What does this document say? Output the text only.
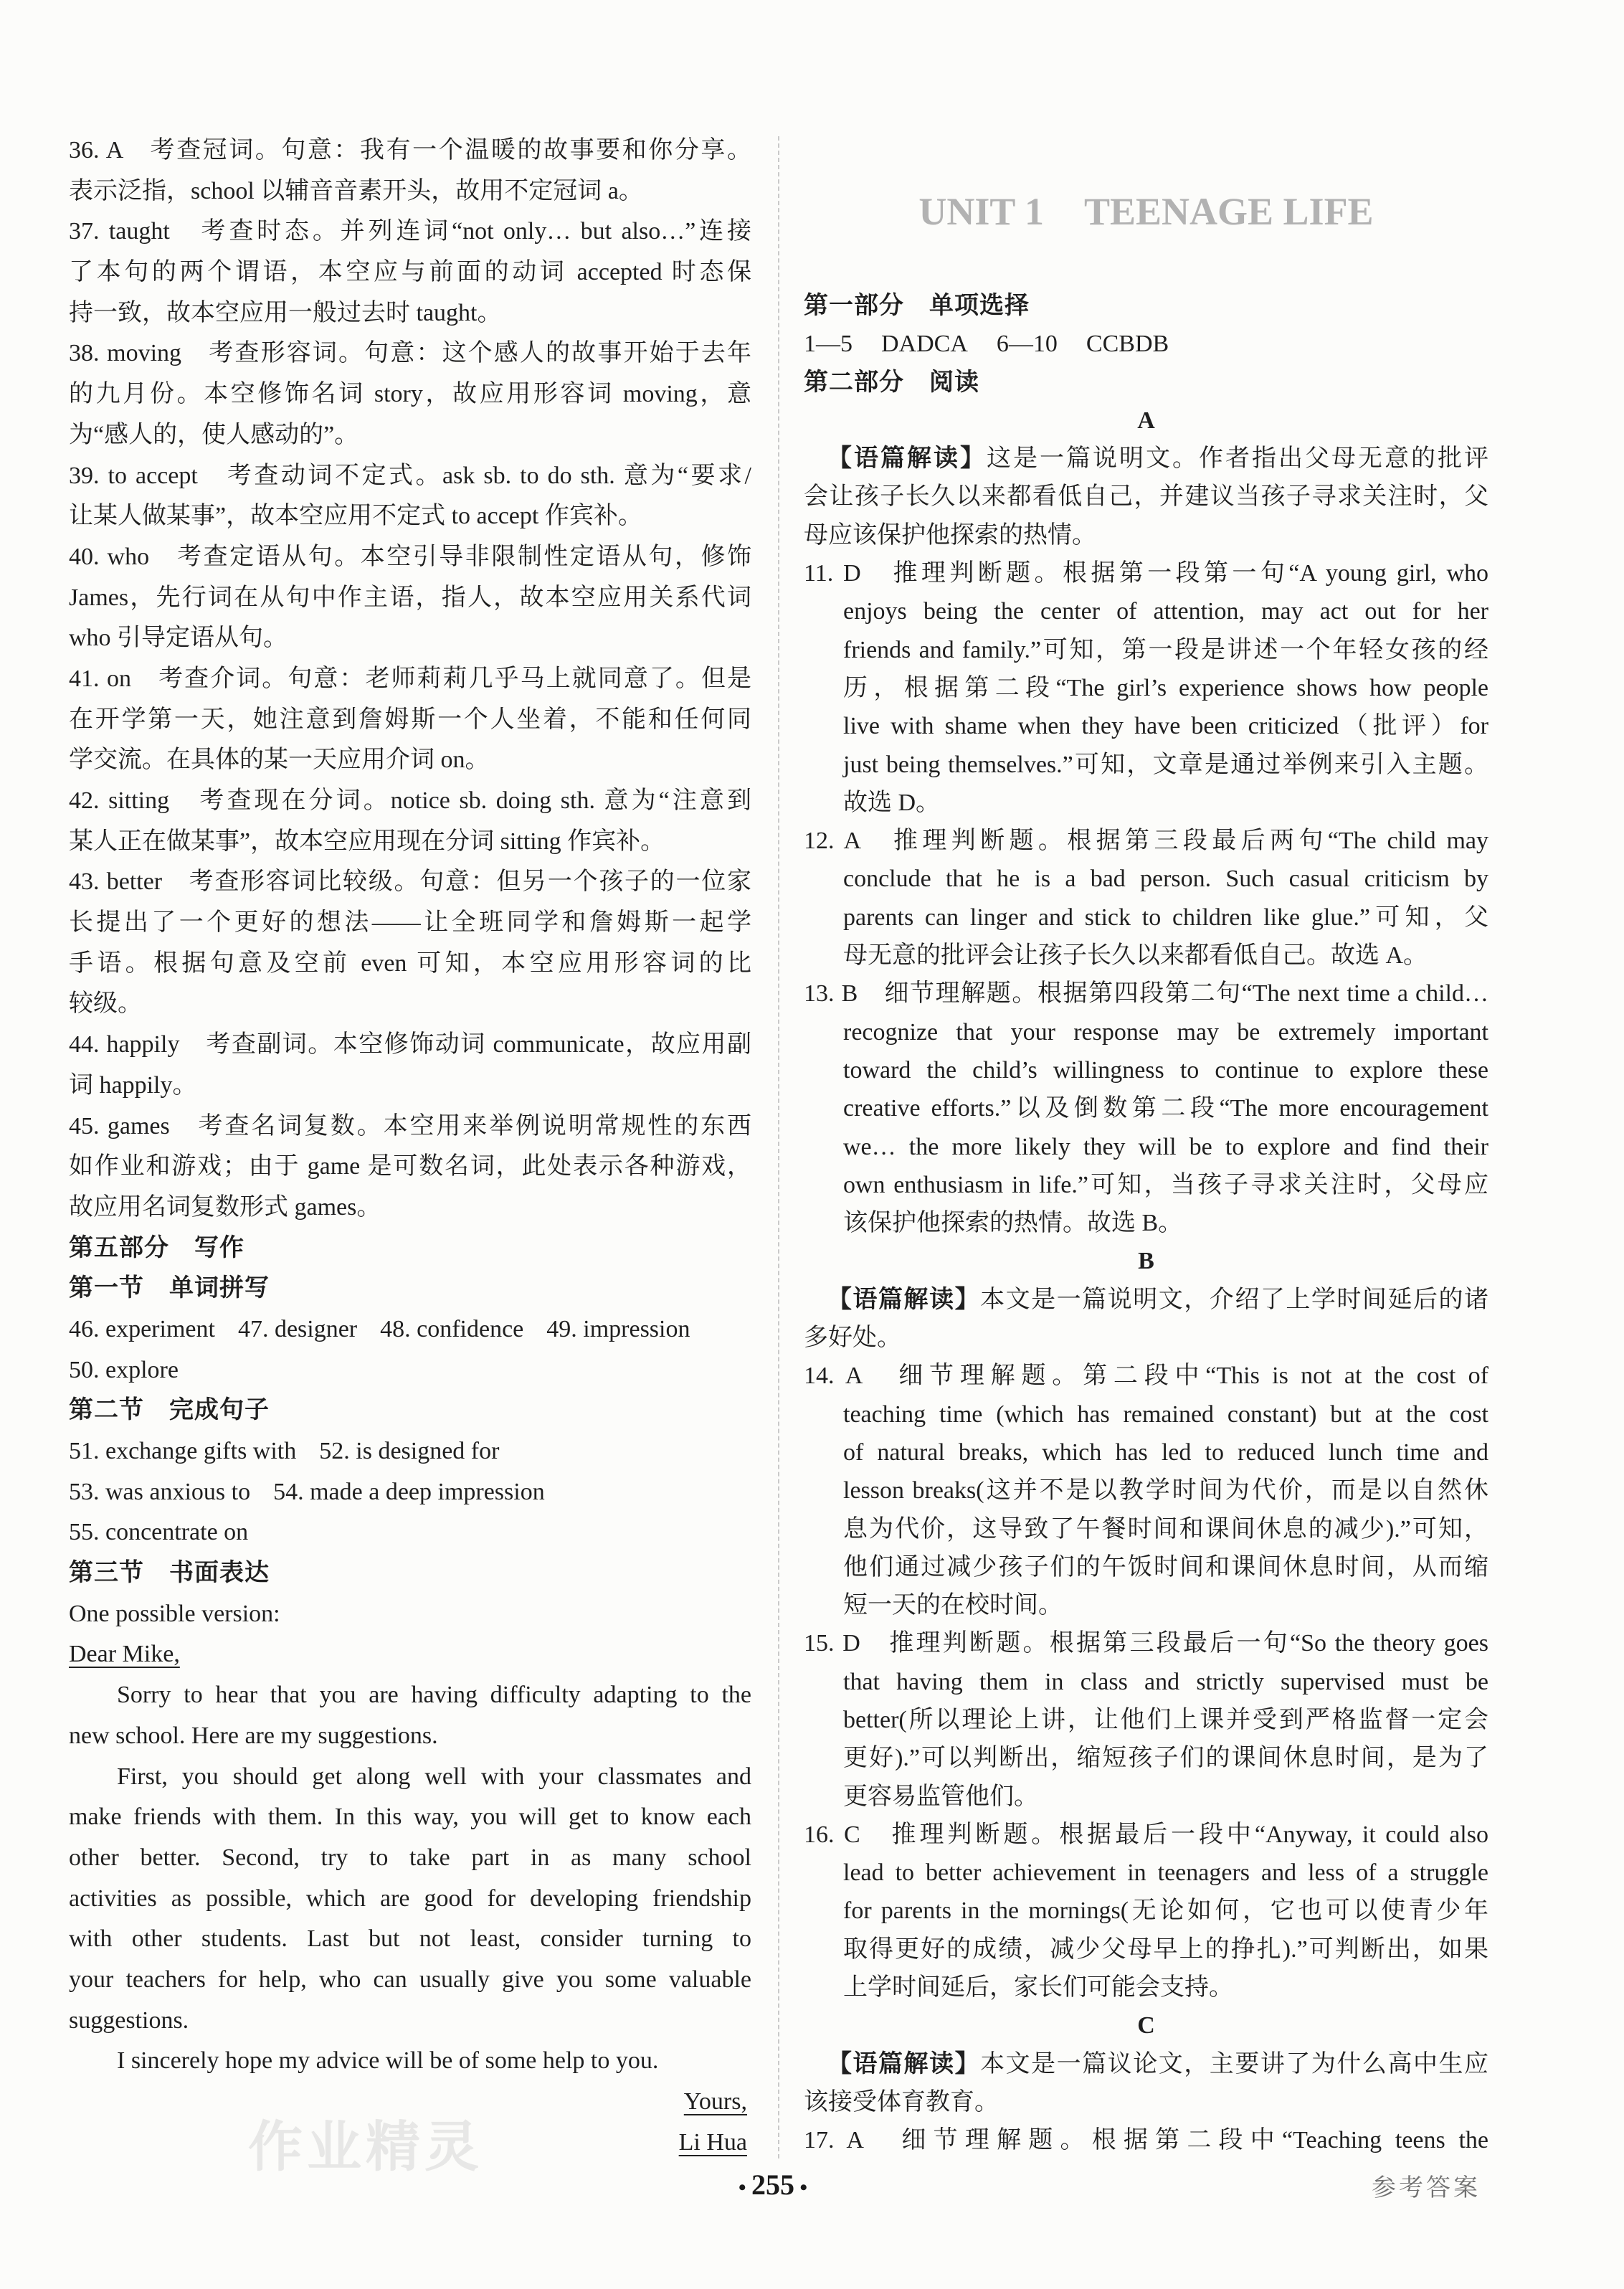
作业精灵
36. A　考查冠词。句意：我有一个温暖的故事要和你分享。
表示泛指，school 以辅音音素开头，故用不定冠词 a。
37. taught　考查时态。并列连词“not only… but also…”连接
了本句的两个谓语，本空应与前面的动词 accepted 时态保
持一致，故本空应用一般过去时 taught。
38. moving　考查形容词。句意：这个感人的故事开始于去年
的九月份。本空修饰名词 story，故应用形容词 moving，意
为“感人的，使人感动的”。
39. to accept　考查动词不定式。ask sb. to do sth. 意为“要求/
让某人做某事”，故本空应用不定式 to accept 作宾补。
40. who　考查定语从句。本空引导非限制性定语从句，修饰
James，先行词在从句中作主语，指人，故本空应用关系代词
who 引导定语从句。
41. on　考查介词。句意：老师莉莉几乎马上就同意了。但是
在开学第一天，她注意到詹姆斯一个人坐着，不能和任何同
学交流。在具体的某一天应用介词 on。
42. sitting　考查现在分词。notice sb. doing sth. 意为“注意到
某人正在做某事”，故本空应用现在分词 sitting 作宾补。
43. better　考查形容词比较级。句意：但另一个孩子的一位家
长提出了一个更好的想法——让全班同学和詹姆斯一起学
手语。根据句意及空前 even 可知，本空应用形容词的比
较级。
44. happily　考查副词。本空修饰动词 communicate，故应用副
词 happily。
45. games　考查名词复数。本空用来举例说明常规性的东西
如作业和游戏；由于 game 是可数名词，此处表示各种游戏，
故应用名词复数形式 games。
第五部分　写作
第一节　单词拼写
46. experiment 47. designer 48. confidence 49. impression
50. explore
第二节　完成句子
51. exchange gifts with 52. is designed for
53. was anxious to 54. made a deep impression
55. concentrate on
第三节　书面表达
One possible version:
Dear Mike,
Sorry to hear that you are having difficulty adapting to the
new school. Here are my suggestions.
First, you should get along well with your classmates and
make friends with them. In this way, you will get to know each
other better. Second, try to take part in as many school
activities as possible, which are good for developing friendship
with other students. Last but not least, consider turning to
your teachers for help, who can usually give you some valuable
suggestions.
I sincerely hope my advice will be of some help to you.
Yours,
Li Hua
UNIT 1 TEENAGE LIFE
第一部分　单项选择
1—5 DADCA 6—10 CCBDB
第二部分　阅读
A
【语篇解读】这是一篇说明文。作者指出父母无意的批评
会让孩子长久以来都看低自己，并建议当孩子寻求关注时，父
母应该保护他探索的热情。
11. D　推理判断题。根据第一段第一句“A young girl, who
enjoys being the center of attention, may act out for her
friends and family.”可知，第一段是讲述一个年轻女孩的经
历，根据第二段“The girl’s experience shows how people
live with shame when they have been criticized（批评）for
just being themselves.”可知，文章是通过举例来引入主题。
故选 D。
12. A　推理判断题。根据第三段最后两句“The child may
conclude that he is a bad person. Such casual criticism by
parents can linger and stick to children like glue.”可知，父
母无意的批评会让孩子长久以来都看低自己。故选 A。
13. B　细节理解题。根据第四段第二句“The next time a child…
recognize that your response may be extremely important
toward the child’s willingness to continue to explore these
creative efforts.”以及倒数第二段“The more encouragement
we… the more likely they will be to explore and find their
own enthusiasm in life.”可知，当孩子寻求关注时，父母应
该保护他探索的热情。故选 B。
B
【语篇解读】本文是一篇说明文，介绍了上学时间延后的诸
多好处。
14. A　细节理解题。第二段中“This is not at the cost of
teaching time (which has remained constant) but at the cost
of natural breaks, which has led to reduced lunch time and
lesson breaks(这并不是以教学时间为代价，而是以自然休
息为代价，这导致了午餐时间和课间休息的减少).”可知，
他们通过减少孩子们的午饭时间和课间休息时间，从而缩
短一天的在校时间。
15. D　推理判断题。根据第三段最后一句“So the theory goes
that having them in class and strictly supervised must be
better(所以理论上讲，让他们上课并受到严格监督一定会
更好).”可以判断出，缩短孩子们的课间休息时间，是为了
更容易监管他们。
16. C　推理判断题。根据最后一段中“Anyway, it could also
lead to better achievement in teenagers and less of a struggle
for parents in the mornings(无论如何，它也可以使青少年
取得更好的成绩，减少父母早上的挣扎).”可判断出，如果
上学时间延后，家长们可能会支持。
C
【语篇解读】本文是一篇议论文，主要讲了为什么高中生应
该接受体育教育。
17. A　细节理解题。根据第二段中“Teaching teens the
• 255 •	参考答案
